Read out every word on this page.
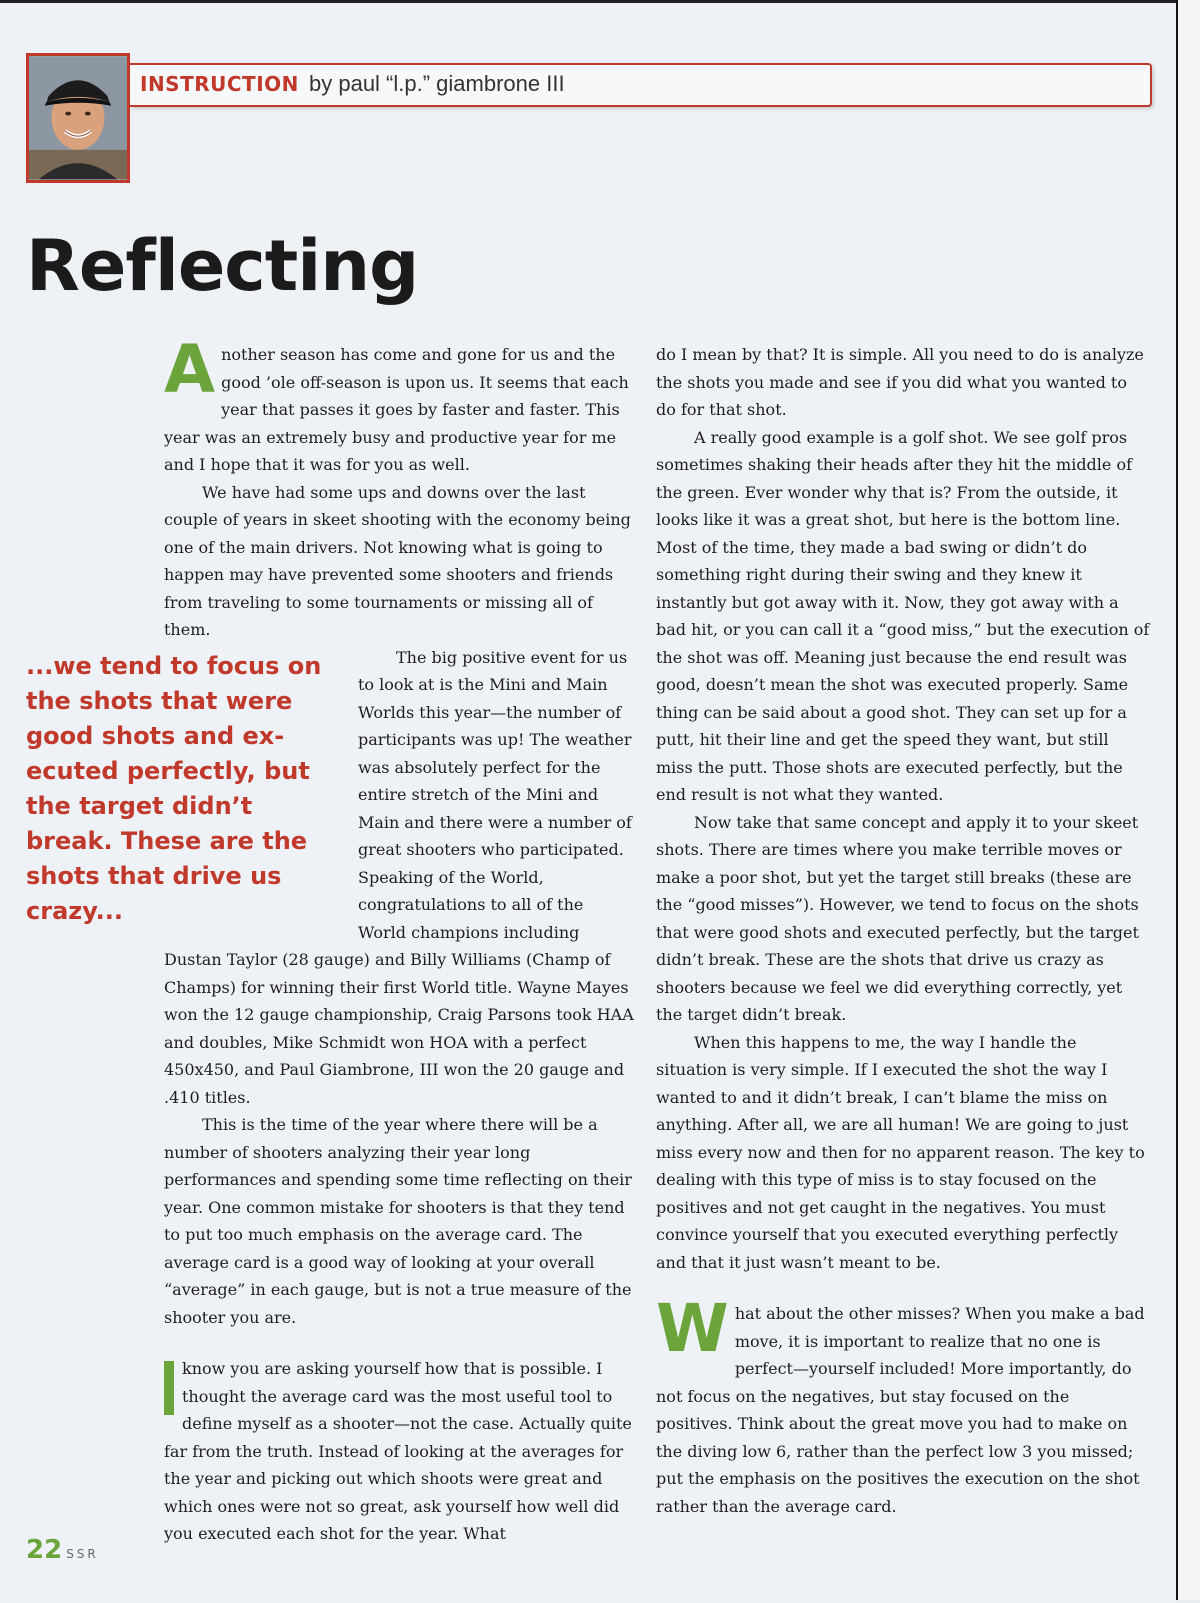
INSTRUCTION by paul “l.p.” giambrone III
Reflecting

Another season has come and gone for us and the good ’ole off-season is upon us. It seems that each year that passes it goes by faster and faster. This year was an extremely busy and productive year for me and I hope that it was for you as well.

We have had some ups and downs over the last couple of years in skeet shooting with the economy being one of the main drivers. Not knowing what is going to happen may have prevented some shooters and friends from traveling to some tournaments or missing all of them.

The big positive event for us to look at is the Mini and Main Worlds this year—the number of participants was up! The weather was absolutely perfect for the entire stretch of the Mini and Main and there were a number of great shooters who participated. Speaking of the World, congratulations to all of the World champions including Dustan Taylor (28 gauge) and Billy Williams (Champ of Champs) for winning their first World title. Wayne Mayes won the 12 gauge championship, Craig Parsons took HAA and doubles, Mike Schmidt won HOA with a perfect 450x450, and Paul Giambrone, III won the 20 gauge and .410 titles.

This is the time of the year where there will be a number of shooters analyzing their year long performances and spending some time reflecting on their year. One common mistake for shooters is that they tend to put too much emphasis on the average card. The average card is a good way of looking at your overall “average” in each gauge, but is not a true measure of the shooter you are.

know you are asking yourself how that is possible. I thought the average card was the most useful tool to define myself as a shooter—not the case. Actually quite far from the truth. Instead of looking at the averages for the year and picking out which shoots were great and which ones were not so great, ask yourself how well did you executed each shot for the year. What

...we tend to focus on the shots that were good shots and ex-ecuted perfectly, but the target didn’t break. These are the shots that drive us crazy...

do I mean by that? It is simple. All you need to do is analyze the shots you made and see if you did what you wanted to do for that shot.

A really good example is a golf shot. We see golf pros sometimes shaking their heads after they hit the middle of the green. Ever wonder why that is? From the outside, it looks like it was a great shot, but here is the bottom line. Most of the time, they made a bad swing or didn’t do something right during their swing and they knew it instantly but got away with it. Now, they got away with a bad hit, or you can call it a “good miss,” but the execution of the shot was off. Meaning just because the end result was good, doesn’t mean the shot was executed properly. Same thing can be said about a good shot. They can set up for a putt, hit their line and get the speed they want, but still miss the putt. Those shots are executed perfectly, but the end result is not what they wanted.

Now take that same concept and apply it to your skeet shots. There are times where you make terrible moves or make a poor shot, but yet the target still breaks (these are the “good misses”). However, we tend to focus on the shots that were good shots and executed perfectly, but the target didn’t break. These are the shots that drive us crazy as shooters because we feel we did everything correctly, yet the target didn’t break.

When this happens to me, the way I handle the situation is very simple. If I executed the shot the way I wanted to and it didn’t break, I can’t blame the miss on anything. After all, we are all human! We are going to just miss every now and then for no apparent reason. The key to dealing with this type of miss is to stay focused on the positives and not get caught in the negatives. You must convince yourself that you executed everything perfectly and that it just wasn’t meant to be.

What about the other misses? When you make a bad move, it is important to realize that no one is perfect—yourself included! More importantly, do not focus on the negatives, but stay focused on the positives. Think about the great move you had to make on the diving low 6, rather than the perfect low 3 you missed; put the emphasis on the positives the execution on the shot rather than the average card.

22 SSR
